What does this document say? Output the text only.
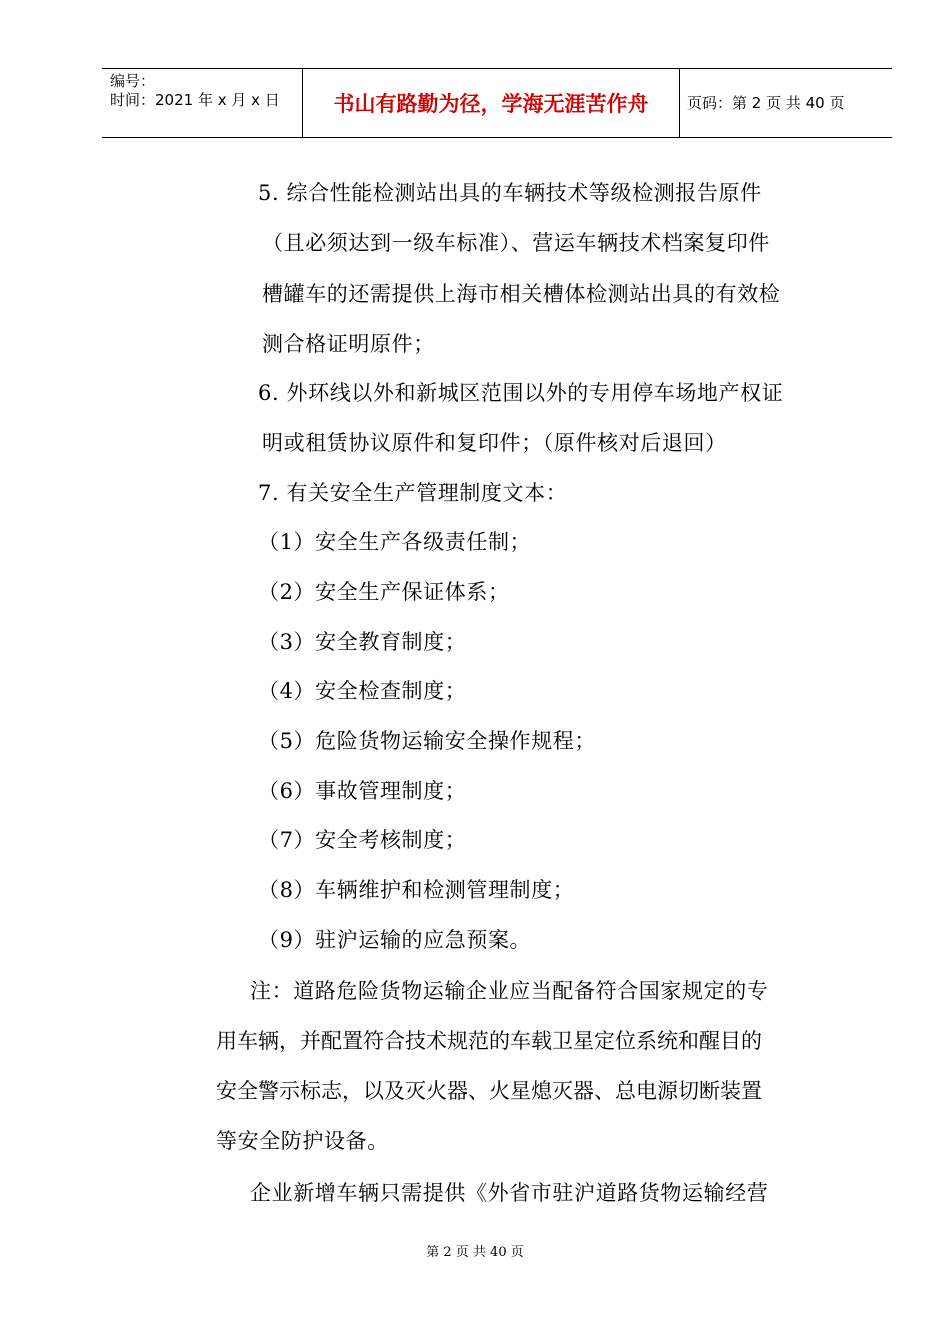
编号：
时间：2021 年 x 月 x 日	书山有路勤为径，学海无涯苦作舟	页码：第 2 页 共 40 页
5. 综合性能检测站出具的车辆技术等级检测报告原件
（且必须达到一级车标准）、营运车辆技术档案复印件
槽罐车的还需提供上海市相关槽体检测站出具的有效检
测合格证明原件；
6. 外环线以外和新城区范围以外的专用停车场地产权证
明或租赁协议原件和复印件；（原件核对后退回）
7. 有关安全生产管理制度文本：
（1）安全生产各级责任制；
（2）安全生产保证体系；
（3）安全教育制度；
（4）安全检查制度；
（5）危险货物运输安全操作规程；
（6）事故管理制度；
（7）安全考核制度；
（8）车辆维护和检测管理制度；
（9）驻沪运输的应急预案。
注：道路危险货物运输企业应当配备符合国家规定的专
用车辆，并配置符合技术规范的车载卫星定位系统和醒目的
安全警示标志，以及灭火器、火星熄灭器、总电源切断装置
等安全防护设备。
企业新增车辆只需提供《外省市驻沪道路货物运输经营
第 2 页 共 40 页
